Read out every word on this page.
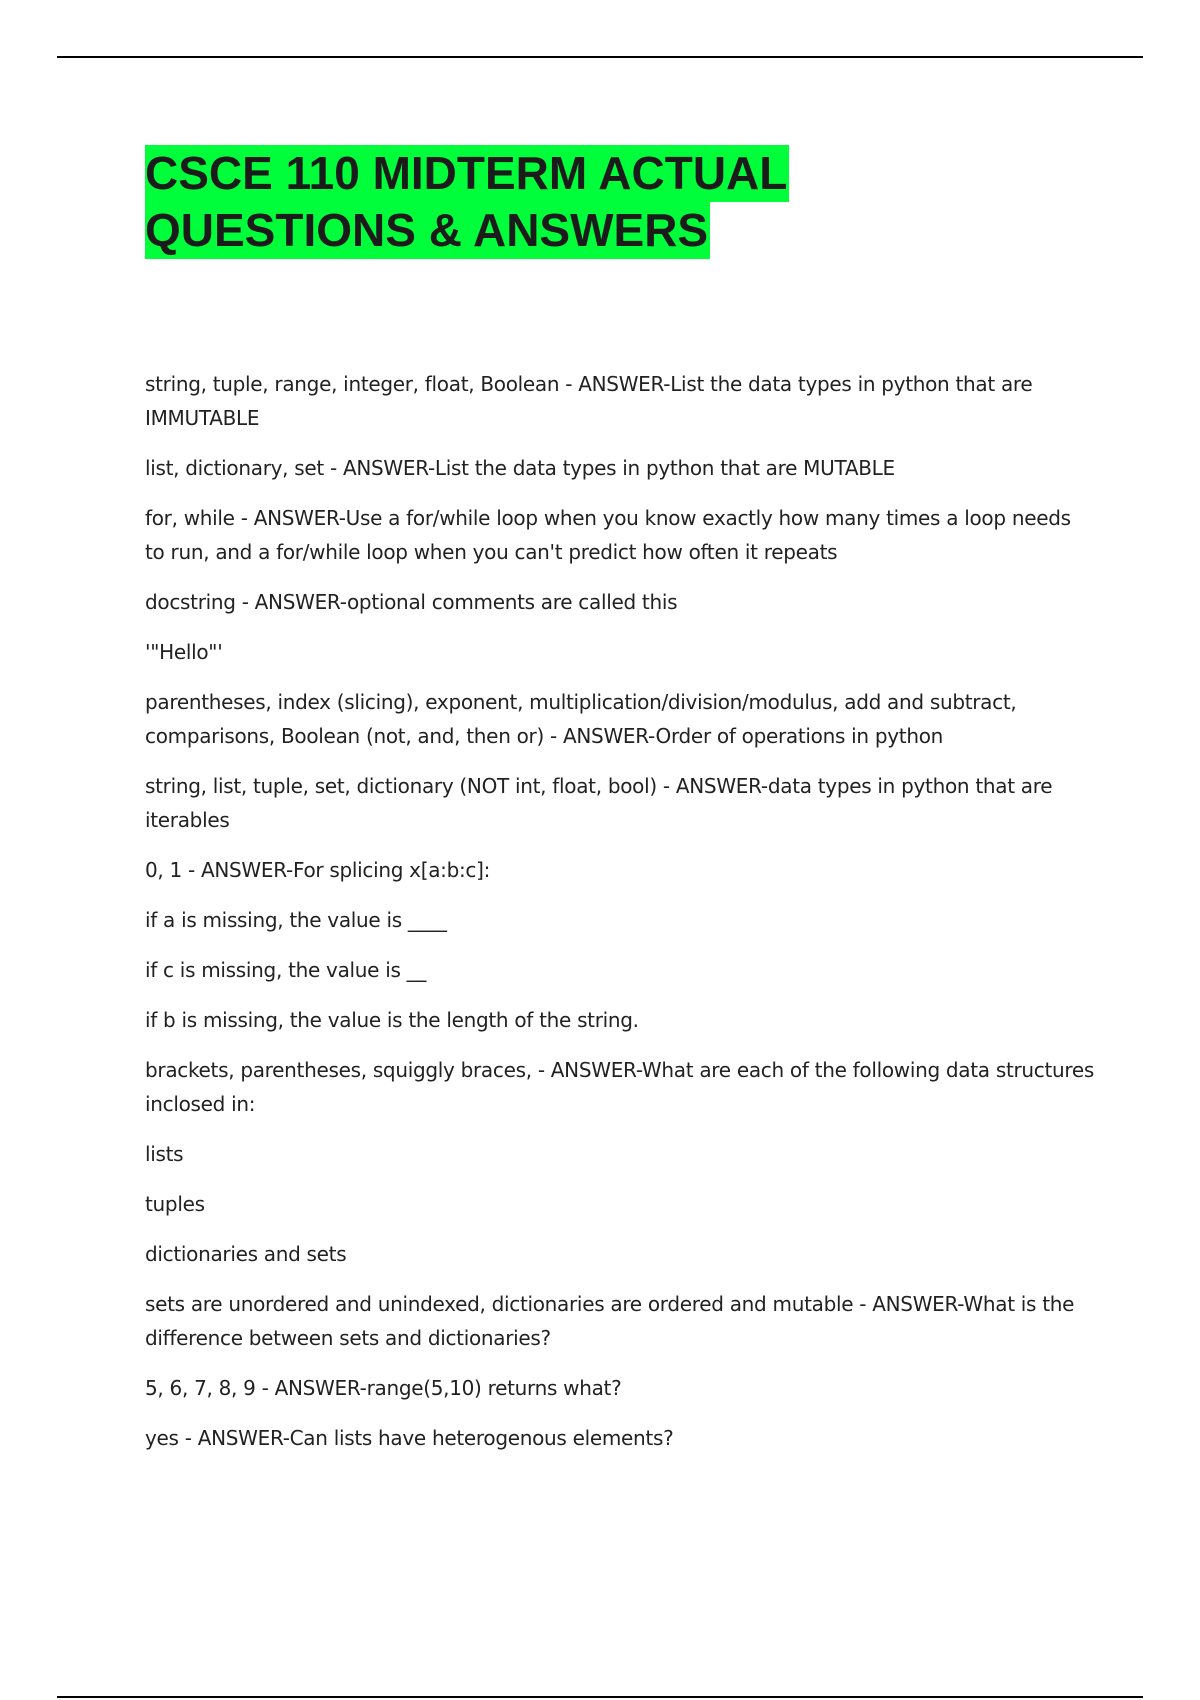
CSCE 110 MIDTERM ACTUAL
QUESTIONS & ANSWERS

string, tuple, range, integer, float, Boolean - ANSWER-List the data types in python that are IMMUTABLE

list, dictionary, set - ANSWER-List the data types in python that are MUTABLE

for, while - ANSWER-Use a for/while loop when you know exactly how many times a loop needs to run, and a for/while loop when you can't predict how often it repeats

docstring - ANSWER-optional comments are called this

'"Hello"'

parentheses, index (slicing), exponent, multiplication/division/modulus, add and subtract, comparisons, Boolean (not, and, then or) - ANSWER-Order of operations in python

string, list, tuple, set, dictionary (NOT int, float, bool) - ANSWER-data types in python that are iterables

0, 1 - ANSWER-For splicing x[a:b:c]:

if a is missing, the value is ____

if c is missing, the value is __

if b is missing, the value is the length of the string.

brackets, parentheses, squiggly braces, - ANSWER-What are each of the following data structures inclosed in:

lists

tuples

dictionaries and sets

sets are unordered and unindexed, dictionaries are ordered and mutable - ANSWER-What is the difference between sets and dictionaries?

5, 6, 7, 8, 9 - ANSWER-range(5,10) returns what?

yes - ANSWER-Can lists have heterogenous elements?
